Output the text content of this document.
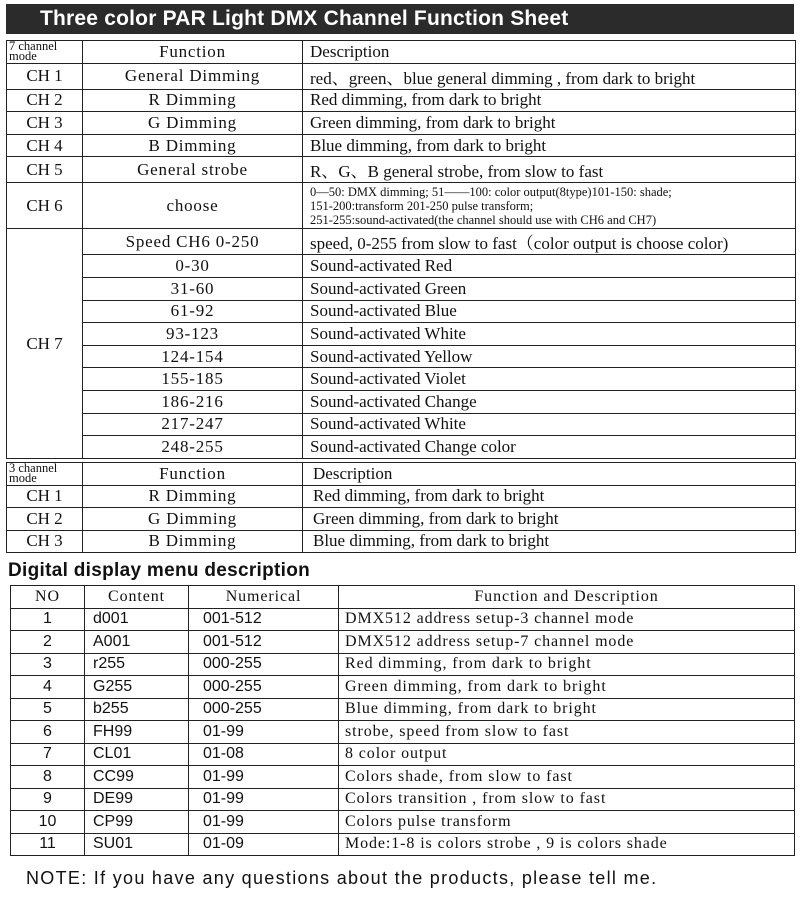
Three color PAR Light DMX Channel Function Sheet
7 channel
mode	Function	Description
CH 1	General Dimming	red、green、blue general dimming , from dark to bright
CH 2	R Dimming	Red dimming, from dark to bright
CH 3	G Dimming	Green dimming, from dark to bright
CH 4	B Dimming	Blue dimming, from dark to bright
CH 5	General strobe	R、G、B general strobe, from slow to fast
CH 6	choose	0—50: DMX dimming; 51——100: color output(8type)101-150: shade;
151-200:transform 201-250 pulse transform;
251-255:sound-activated(the channel should use with CH6 and CH7)

CH 7	Speed CH6 0-250	speed, 0-255 from slow to fast（color output is choose color)
	0-30	Sound-activated Red
	31-60	Sound-activated Green
	61-92	Sound-activated Blue
	93-123	Sound-activated White
	124-154	Sound-activated Yellow
	155-185	Sound-activated Violet
	186-216	Sound-activated Change
	217-247	Sound-activated White
	248-255	Sound-activated Change color
3 channel
mode	Function	Description
CH 1	R Dimming	Red dimming, from dark to bright
CH 2	G Dimming	Green dimming, from dark to bright
CH 3	B Dimming	Blue dimming, from dark to bright
Digital display menu description
NO	Content	Numerical	Function and Description
1	d001	001-512	DMX512 address setup-3 channel mode
2	A001	001-512	DMX512 address setup-7 channel mode
3	r255	000-255	Red dimming, from dark to bright
4	G255	000-255	Green dimming, from dark to bright
5	b255	000-255	Blue dimming, from dark to bright
6	FH99	01-99	strobe, speed from slow to fast
7	CL01	01-08	8 color output
8	CC99	01-99	Colors shade, from slow to fast
9	DE99	01-99	Colors transition , from slow to fast
10	CP99	01-99	Colors pulse transform
11	SU01	01-09	Mode:1-8 is colors strobe , 9 is colors shade
NOTE: If you have any questions about the products, please tell me.
